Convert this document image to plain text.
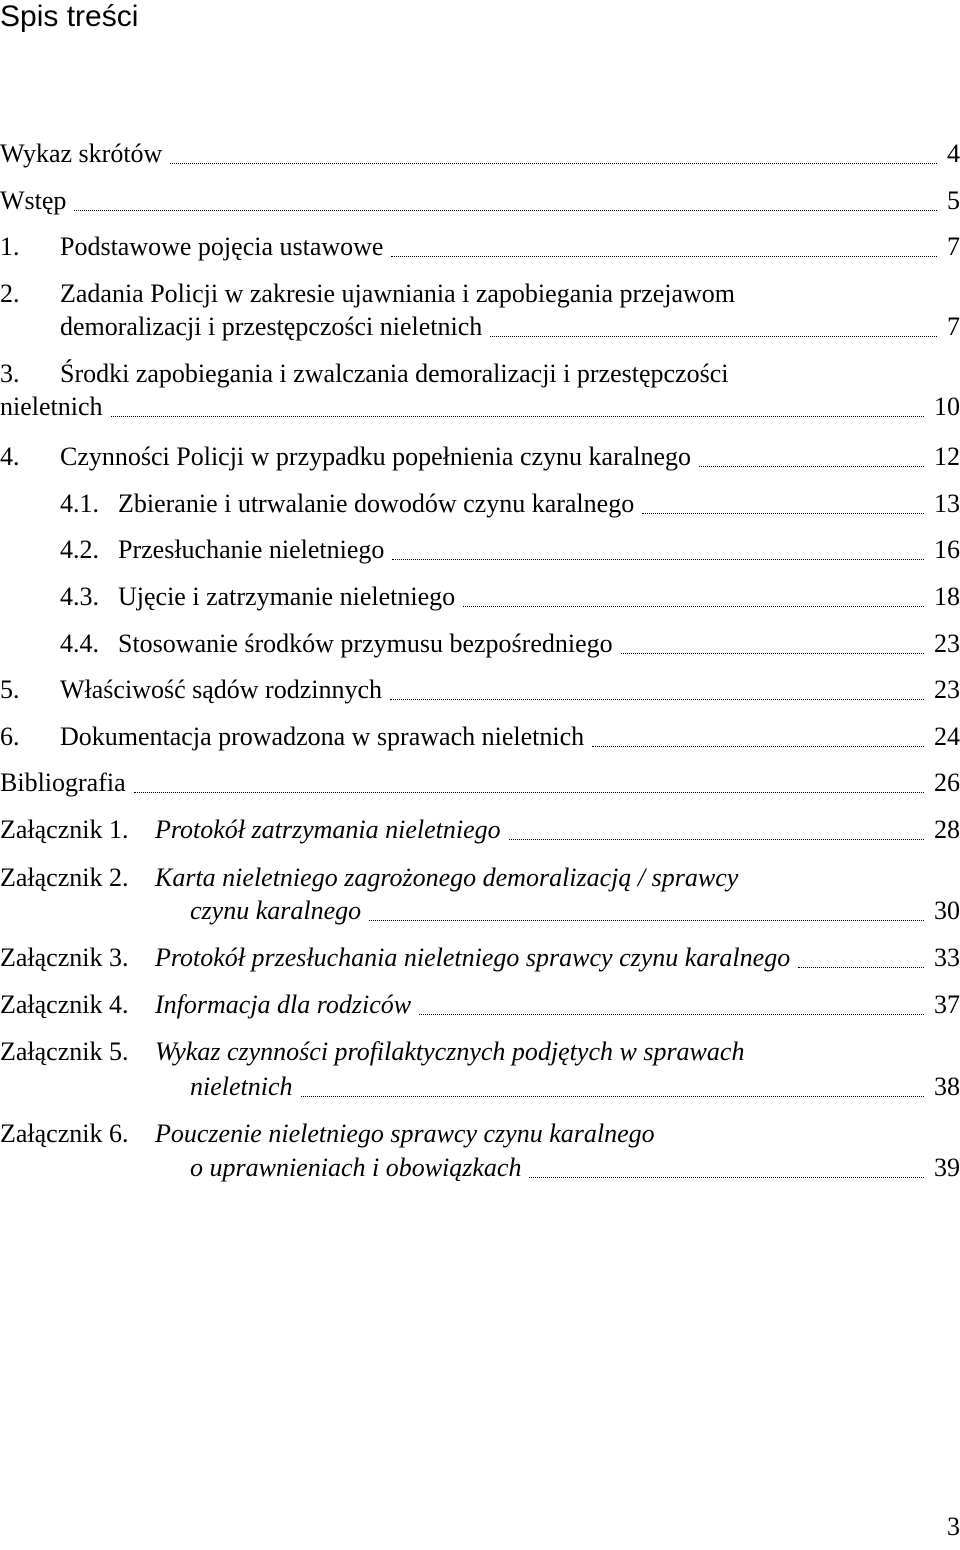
Spis treści
Wykaz skrótów	4
Wstęp	5
1. Podstawowe pojęcia ustawowe	7
2. Zadania Policji w zakresie ujawniania i zapobiegania przejawom
demoralizacji i przestępczości nieletnich	7
3. Środki zapobiegania i zwalczania demoralizacji i przestępczości
nieletnich	10
4. Czynności Policji w przypadku popełnienia czynu karalnego	12
4.1. Zbieranie i utrwalanie dowodów czynu karalnego	13
4.2. Przesłuchanie nieletniego	16
4.3. Ujęcie i zatrzymanie nieletniego	18
4.4. Stosowanie środków przymusu bezpośredniego	23
5. Właściwość sądów rodzinnych	23
6. Dokumentacja prowadzona w sprawach nieletnich	24
Bibliografia	26
Załącznik 1. Protokół zatrzymania nieletniego	28
Załącznik 2. Karta nieletniego zagrożonego demoralizacją / sprawcy
czynu karalnego	30
Załącznik 3. Protokół przesłuchania nieletniego sprawcy czynu karalnego	33
Załącznik 4. Informacja dla rodziców	37
Załącznik 5. Wykaz czynności profilaktycznych podjętych w sprawach
nieletnich	38
Załącznik 6. Pouczenie nieletniego sprawcy czynu karalnego
o uprawnieniach i obowiązkach	39
3
